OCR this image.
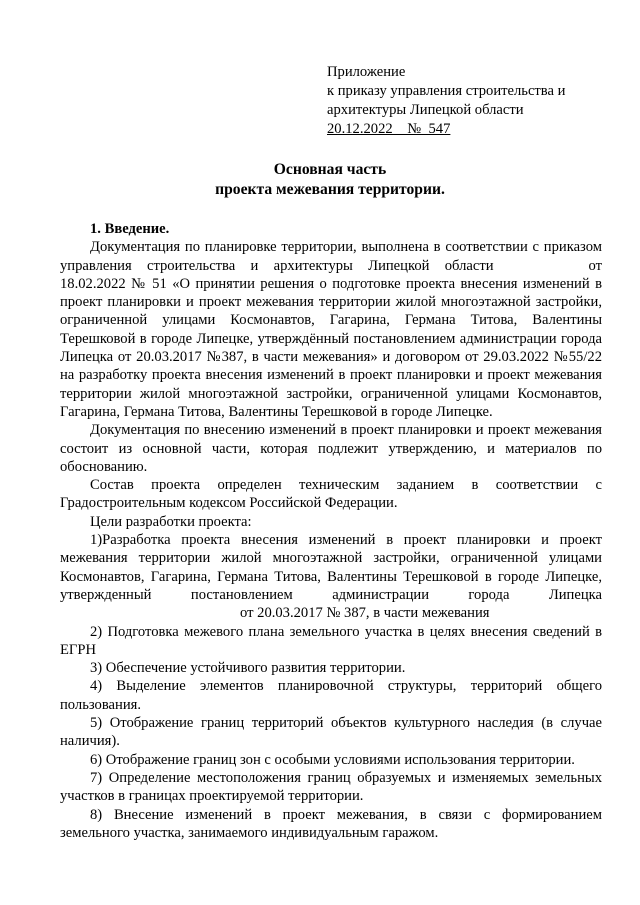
Приложение
к приказу управления строительства и
архитектуры Липецкой области
20.12.2022    №  547
Основная часть
проекта межевания территории.

1. Введение.

Документация по планировке территории, выполнена в соответствии с приказом управления строительства и архитектуры Липецкой области	от 18.02.2022 № 51 «О принятии решения о подготовке проекта внесения изменений в проект планировки и проект межевания территории жилой многоэтажной застройки, ограниченной улицами Космонавтов, Гагарина, Германа Титова, Валентины Терешковой в городе Липецке, утверждённый постановлением администрации города Липецка от 20.03.2017 №387, в части межевания» и договором от 29.03.2022 №55/22 на разработку проекта внесения изменений в проект планировки и проект межевания территории жилой многоэтажной застройки, ограниченной улицами Космонавтов, Гагарина, Германа Титова, Валентины Терешковой в городе Липецке.

Документация по внесению изменений в проект планировки и проект межевания состоит из основной части, которая подлежит утверждению, и материалов по обоснованию.

Состав проекта определен техническим заданием в соответствии с Градостроительным кодексом Российской Федерации.

Цели разработки проекта:

1)Разработка проекта внесения изменений в проект планировки и проект межевания территории жилой многоэтажной застройки, ограниченной улицами Космонавтов, Гагарина, Германа Титова, Валентины Терешковой в городе Липецке, утвержденный постановлением администрации города Липецкаот 20.03.2017 № 387, в части межевания

2) Подготовка межевого плана земельного участка в целях внесения сведений в ЕГРН

3) Обеспечение устойчивого развития территории.

4) Выделение элементов планировочной структуры, территорий общего пользования.

5) Отображение границ территорий объектов культурного наследия (в случае наличия).

6) Отображение границ зон с особыми условиями использования территории.

7) Определение местоположения границ образуемых и изменяемых земельных участков в границах проектируемой территории.

8) Внесение изменений в проект межевания, в связи с формированием земельного участка, занимаемого индивидуальным гаражом.
